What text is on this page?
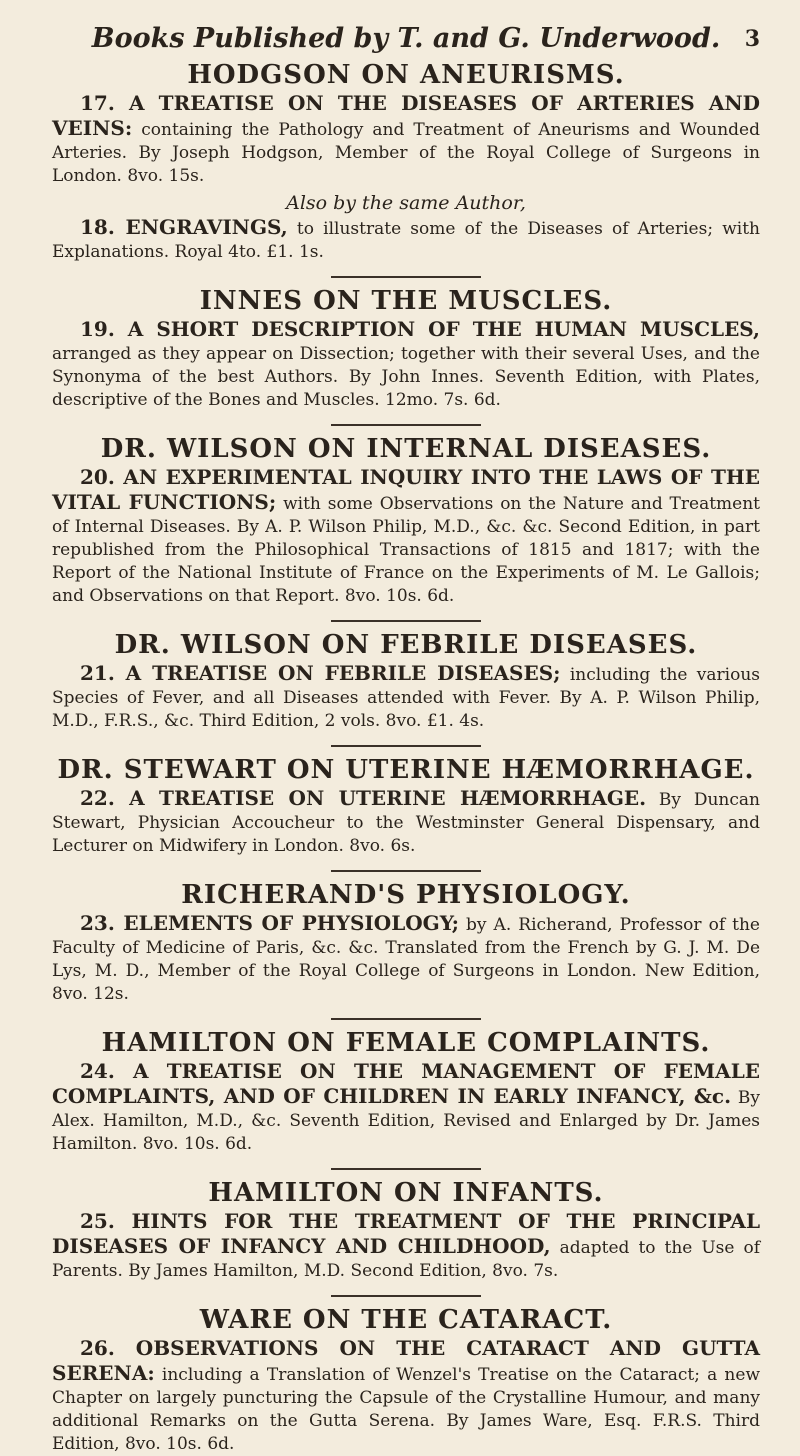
Books Published by T. and G. Underwood. 3
HODGSON ON ANEURISMS.

17. A TREATISE ON THE DISEASES OF ARTERIES AND VEINS: containing the Pathology and Treatment of Aneurisms and Wounded Arteries. By Joseph Hodgson, Member of the Royal College of Surgeons in London. 8vo. 15s.

Also by the same Author,

18. ENGRAVINGS, to illustrate some of the Diseases of Arteries; with Explanations. Royal 4to. £1. 1s.

INNES ON THE MUSCLES.

19. A SHORT DESCRIPTION OF THE HUMAN MUSCLES, arranged as they appear on Dissection; together with their several Uses, and the Synonyma of the best Authors. By John Innes. Seventh Edition, with Plates, descriptive of the Bones and Muscles. 12mo. 7s. 6d.

DR. WILSON ON INTERNAL DISEASES.

20. AN EXPERIMENTAL INQUIRY INTO THE LAWS OF THE VITAL FUNCTIONS; with some Observations on the Nature and Treatment of Internal Diseases. By A. P. Wilson Philip, M.D., &c. &c. Second Edition, in part republished from the Philosophical Transactions of 1815 and 1817; with the Report of the National Institute of France on the Experiments of M. Le Gallois; and Observations on that Report. 8vo. 10s. 6d.

DR. WILSON ON FEBRILE DISEASES.

21. A TREATISE ON FEBRILE DISEASES; including the various Species of Fever, and all Diseases attended with Fever. By A. P. Wilson Philip, M.D., F.R.S., &c. Third Edition, 2 vols. 8vo. £1. 4s.

DR. STEWART ON UTERINE HÆMORRHAGE.

22. A TREATISE ON UTERINE HÆMORRHAGE. By Duncan Stewart, Physician Accoucheur to the Westminster General Dispensary, and Lecturer on Midwifery in London. 8vo. 6s.

RICHERAND'S PHYSIOLOGY.

23. ELEMENTS OF PHYSIOLOGY; by A. Richerand, Professor of the Faculty of Medicine of Paris, &c. &c. Translated from the French by G. J. M. De Lys, M. D., Member of the Royal College of Surgeons in London. New Edition, 8vo. 12s.

HAMILTON ON FEMALE COMPLAINTS.

24. A TREATISE ON THE MANAGEMENT OF FEMALE COMPLAINTS, AND OF CHILDREN IN EARLY INFANCY, &c. By Alex. Hamilton, M.D., &c. Seventh Edition, Revised and Enlarged by Dr. James Hamilton. 8vo. 10s. 6d.

HAMILTON ON INFANTS.

25. HINTS FOR THE TREATMENT OF THE PRINCIPAL DISEASES OF INFANCY AND CHILDHOOD, adapted to the Use of Parents. By James Hamilton, M.D. Second Edition, 8vo. 7s.

WARE ON THE CATARACT.

26. OBSERVATIONS ON THE CATARACT AND GUTTA SERENA: including a Translation of Wenzel's Treatise on the Cataract; a new Chapter on largely puncturing the Capsule of the Crystalline Humour, and many additional Remarks on the Gutta Serena. By James Ware, Esq. F.R.S. Third Edition, 8vo. 10s. 6d.
